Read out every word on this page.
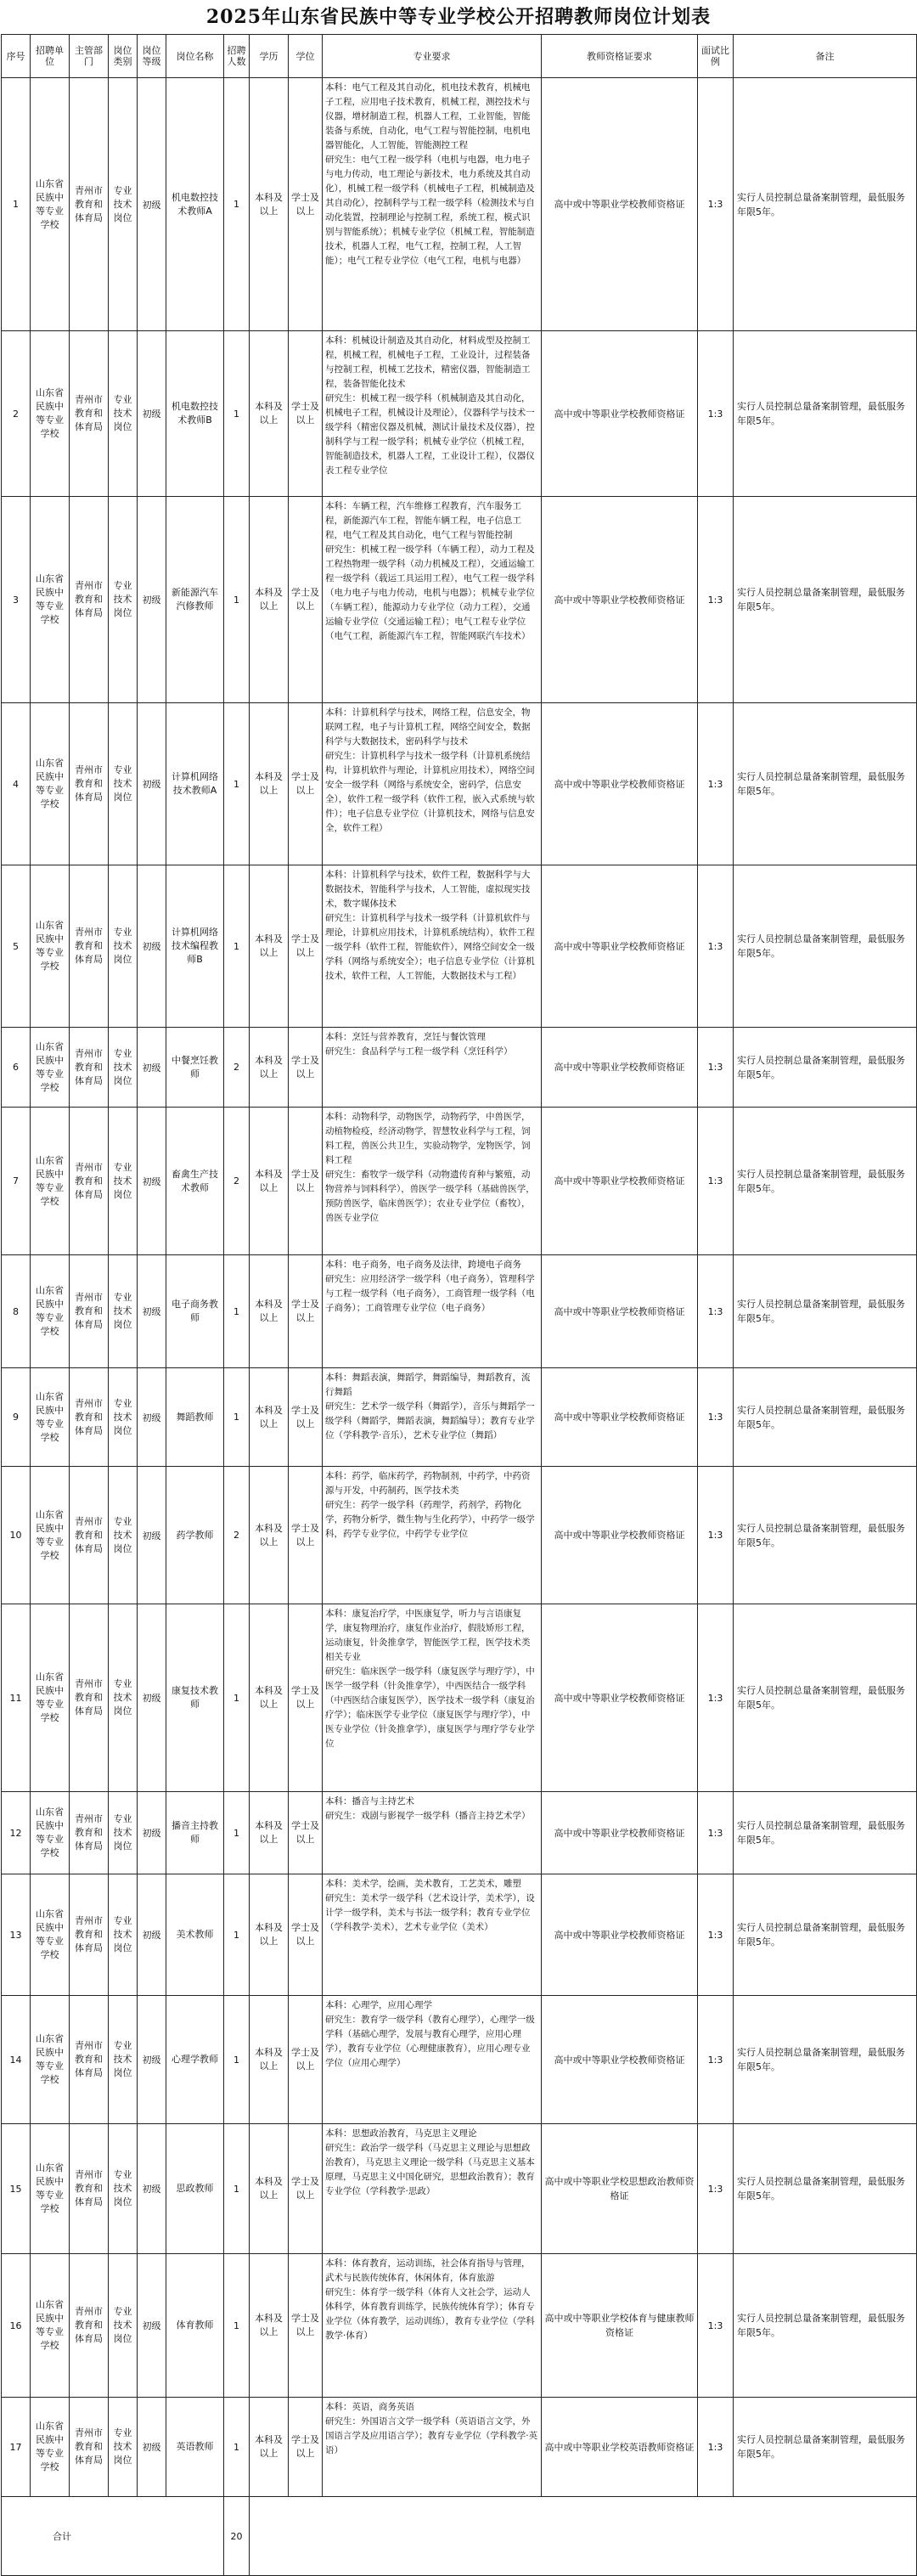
2025年山东省民族中等专业学校公开招聘教师岗位计划表
序号	招聘单位	主管部门	岗位类别	岗位等级	岗位名称	招聘人数	学历	学位	专业要求	教师资格证要求	面试比例	备注
1	山东省民族中等专业学校	青州市教育和体育局	专业技术岗位	初级	机电数控技术教师A	1	本科及以上	学士及以上	本科：电气工程及其自动化，机电技术教育，机械电子工程，应用电子技术教育，机械工程，测控技术与仪器，增材制造工程，机器人工程，工业智能，智能装备与系统，自动化，电气工程与智能控制，电机电器智能化，人工智能，智能测控工程
研究生：电气工程一级学科（电机与电器，电力电子与电力传动，电工理论与新技术，电力系统及其自动化），机械工程一级学科（机械电子工程，机械制造及其自动化），控制科学与工程一级学科（检测技术与自动化装置，控制理论与控制工程，系统工程，模式识别与智能系统）；机械专业学位（机械工程，智能制造技术，机器人工程，电气工程，控制工程，人工智能）；电气工程专业学位（电气工程，电机与电器）	高中或中等职业学校教师资格证	1:3	实行人员控制总量备案制管理，最低服务年限5年。
2	山东省民族中等专业学校	青州市教育和体育局	专业技术岗位	初级	机电数控技术教师B	1	本科及以上	学士及以上	本科：机械设计制造及其自动化，材料成型及控制工程，机械工程，机械电子工程，工业设计，过程装备与控制工程，机械工艺技术，精密仪器，智能制造工程，装备智能化技术
研究生：机械工程一级学科（机械制造及其自动化，机械电子工程，机械设计及理论），仪器科学与技术一级学科（精密仪器及机械，测试计量技术及仪器），控制科学与工程一级学科；机械专业学位（机械工程，智能制造技术，机器人工程，工业设计工程），仪器仪表工程专业学位	高中或中等职业学校教师资格证	1:3	实行人员控制总量备案制管理，最低服务年限5年。
3	山东省民族中等专业学校	青州市教育和体育局	专业技术岗位	初级	新能源汽车汽修教师	1	本科及以上	学士及以上	本科：车辆工程，汽车维修工程教育，汽车服务工程，新能源汽车工程，智能车辆工程，电子信息工程，电气工程及其自动化，电气工程与智能控制
研究生：机械工程一级学科（车辆工程），动力工程及工程热物理一级学科（动力机械及工程），交通运输工程一级学科（载运工具运用工程），电气工程一级学科（电力电子与电力传动，电机与电器）；机械专业学位（车辆工程），能源动力专业学位（动力工程），交通运输专业学位（交通运输工程）；电气工程专业学位（电气工程，新能源汽车工程，智能网联汽车技术）	高中或中等职业学校教师资格证	1:3	实行人员控制总量备案制管理，最低服务年限5年。
4	山东省民族中等专业学校	青州市教育和体育局	专业技术岗位	初级	计算机网络技术教师A	1	本科及以上	学士及以上	本科：计算机科学与技术，网络工程，信息安全，物联网工程，电子与计算机工程，网络空间安全，数据科学与大数据技术，密码科学与技术
研究生：计算机科学与技术一级学科（计算机系统结构，计算机软件与理论，计算机应用技术），网络空间安全一级学科（网络与系统安全，密码学，信息安全），软件工程一级学科（软件工程，嵌入式系统与软件）；电子信息专业学位（计算机技术，网络与信息安全，软件工程）	高中或中等职业学校教师资格证	1:3	实行人员控制总量备案制管理，最低服务年限5年。
5	山东省民族中等专业学校	青州市教育和体育局	专业技术岗位	初级	计算机网络技术编程教师B	1	本科及以上	学士及以上	本科：计算机科学与技术，软件工程，数据科学与大数据技术，智能科学与技术，人工智能，虚拟现实技术，数字媒体技术
研究生：计算机科学与技术一级学科（计算机软件与理论，计算机应用技术，计算机系统结构），软件工程一级学科（软件工程，智能软件），网络空间安全一级学科（网络与系统安全）；电子信息专业学位（计算机技术，软件工程，人工智能，大数据技术与工程）	高中或中等职业学校教师资格证	1:3	实行人员控制总量备案制管理，最低服务年限5年。
6	山东省民族中等专业学校	青州市教育和体育局	专业技术岗位	初级	中餐烹饪教师	2	本科及以上	学士及以上	本科：烹饪与营养教育，烹饪与餐饮管理
研究生：食品科学与工程一级学科（烹饪科学）	高中或中等职业学校教师资格证	1:3	实行人员控制总量备案制管理，最低服务年限5年。
7	山东省民族中等专业学校	青州市教育和体育局	专业技术岗位	初级	畜禽生产技术教师	2	本科及以上	学士及以上	本科：动物科学，动物医学，动物药学，中兽医学，动植物检疫，经济动物学，智慧牧业科学与工程，饲料工程，兽医公共卫生，实验动物学，宠物医学，饲料工程
研究生：畜牧学一级学科（动物遗传育种与繁殖，动物营养与饲料科学），兽医学一级学科（基础兽医学，预防兽医学，临床兽医学）；农业专业学位（畜牧），兽医专业学位	高中或中等职业学校教师资格证	1:3	实行人员控制总量备案制管理，最低服务年限5年。
8	山东省民族中等专业学校	青州市教育和体育局	专业技术岗位	初级	电子商务教师	1	本科及以上	学士及以上	本科：电子商务，电子商务及法律，跨境电子商务
研究生：应用经济学一级学科（电子商务），管理科学与工程一级学科（电子商务），工商管理一级学科（电子商务）；工商管理专业学位（电子商务）	高中或中等职业学校教师资格证	1:3	实行人员控制总量备案制管理，最低服务年限5年。
9	山东省民族中等专业学校	青州市教育和体育局	专业技术岗位	初级	舞蹈教师	1	本科及以上	学士及以上	本科：舞蹈表演，舞蹈学，舞蹈编导，舞蹈教育，流行舞蹈
研究生：艺术学一级学科（舞蹈学），音乐与舞蹈学一级学科（舞蹈学，舞蹈表演，舞蹈编导）；教育专业学位（学科教学·音乐），艺术专业学位（舞蹈）	高中或中等职业学校教师资格证	1:3	实行人员控制总量备案制管理，最低服务年限5年。
10	山东省民族中等专业学校	青州市教育和体育局	专业技术岗位	初级	药学教师	2	本科及以上	学士及以上	本科：药学，临床药学，药物制剂，中药学，中药资源与开发，中药制药，医学技术类
研究生：药学一级学科（药理学，药剂学，药物化学，药物分析学，微生物与生化药学），中药学一级学科，药学专业学位，中药学专业学位	高中或中等职业学校教师资格证	1:3	实行人员控制总量备案制管理，最低服务年限5年。
11	山东省民族中等专业学校	青州市教育和体育局	专业技术岗位	初级	康复技术教师	1	本科及以上	学士及以上	本科：康复治疗学，中医康复学，听力与言语康复学，康复物理治疗，康复作业治疗，假肢矫形工程，运动康复，针灸推拿学，智能医学工程，医学技术类相关专业
研究生：临床医学一级学科（康复医学与理疗学），中医学一级学科（针灸推拿学），中西医结合一级学科（中西医结合康复医学），医学技术一级学科（康复治疗学）；临床医学专业学位（康复医学与理疗学），中医专业学位（针灸推拿学），康复医学与理疗学专业学位	高中或中等职业学校教师资格证	1:3	实行人员控制总量备案制管理，最低服务年限5年。
12	山东省民族中等专业学校	青州市教育和体育局	专业技术岗位	初级	播音主持教师	1	本科及以上	学士及以上	本科：播音与主持艺术
研究生：戏剧与影视学一级学科（播音主持艺术学）	高中或中等职业学校教师资格证	1:3	实行人员控制总量备案制管理，最低服务年限5年。
13	山东省民族中等专业学校	青州市教育和体育局	专业技术岗位	初级	美术教师	1	本科及以上	学士及以上	本科：美术学，绘画，美术教育，工艺美术，雕塑
研究生：美术学一级学科（艺术设计学，美术学），设计学一级学科，美术与书法一级学科；教育专业学位（学科教学·美术），艺术专业学位（美术）	高中或中等职业学校教师资格证	1:3	实行人员控制总量备案制管理，最低服务年限5年。
14	山东省民族中等专业学校	青州市教育和体育局	专业技术岗位	初级	心理学教师	1	本科及以上	学士及以上	本科：心理学，应用心理学
研究生：教育学一级学科（教育心理学），心理学一级学科（基础心理学，发展与教育心理学，应用心理学），教育专业学位（心理健康教育），应用心理专业学位（应用心理学）	高中或中等职业学校教师资格证	1:3	实行人员控制总量备案制管理，最低服务年限5年。
15	山东省民族中等专业学校	青州市教育和体育局	专业技术岗位	初级	思政教师	1	本科及以上	学士及以上	本科：思想政治教育，马克思主义理论
研究生：政治学一级学科（马克思主义理论与思想政治教育），马克思主义理论一级学科（马克思主义基本原理，马克思主义中国化研究，思想政治教育）；教育专业学位（学科教学·思政）	高中或中等职业学校思想政治教师资格证	1:3	实行人员控制总量备案制管理，最低服务年限5年。
16	山东省民族中等专业学校	青州市教育和体育局	专业技术岗位	初级	体育教师	1	本科及以上	学士及以上	本科：体育教育，运动训练，社会体育指导与管理，武术与民族传统体育，休闲体育，体育旅游
研究生：体育学一级学科（体育人文社会学，运动人体科学，体育教育训练学，民族传统体育学）；体育专业学位（体育教学，运动训练），教育专业学位（学科教学·体育）	高中或中等职业学校体育与健康教师资格证	1:3	实行人员控制总量备案制管理，最低服务年限5年。
17	山东省民族中等专业学校	青州市教育和体育局	专业技术岗位	初级	英语教师	1	本科及以上	学士及以上	本科：英语，商务英语
研究生：外国语言文学一级学科（英语语言文学，外国语言学及应用语言学）；教育专业学位（学科教学·英语）	高中或中等职业学校英语教师资格证	1:3	实行人员控制总量备案制管理，最低服务年限5年。
合计						20						
